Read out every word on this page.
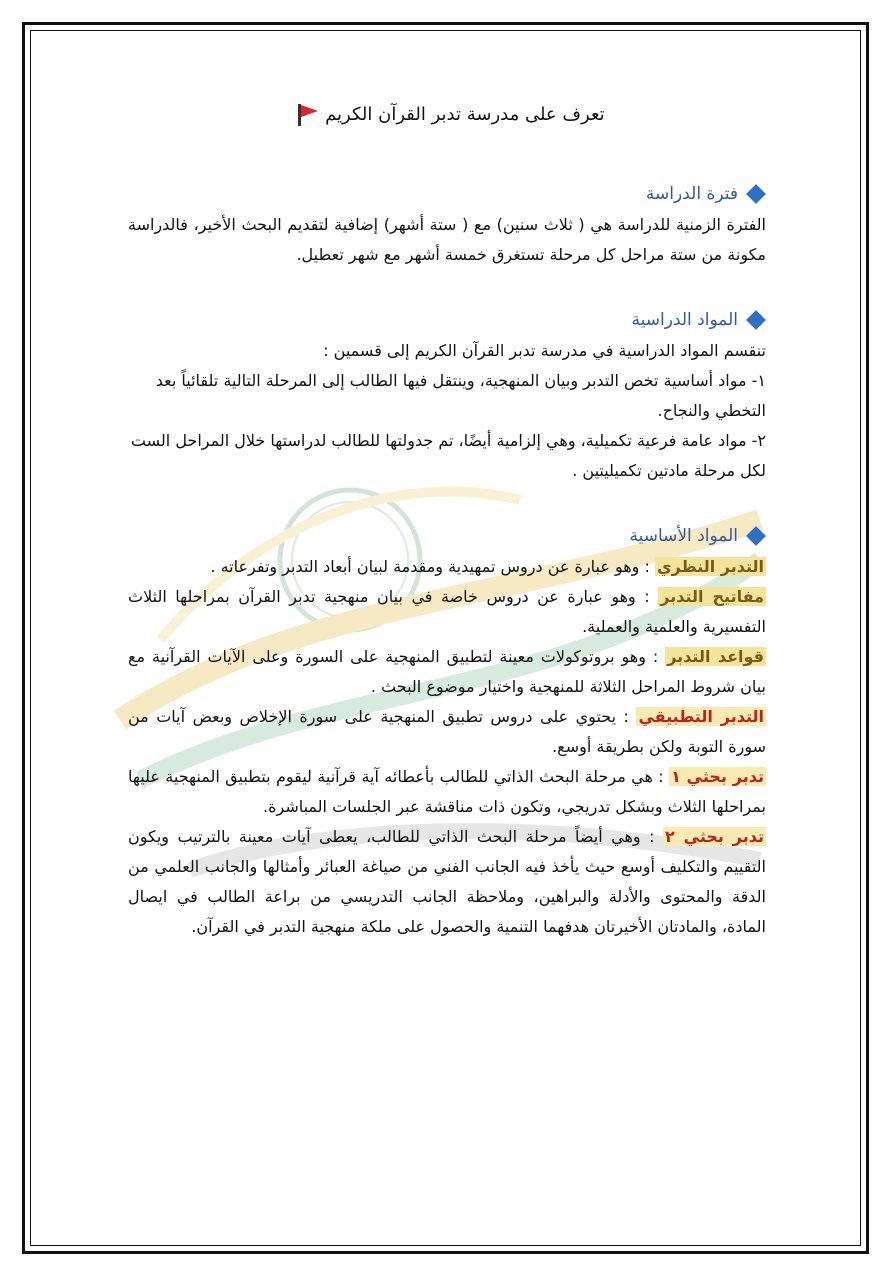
تعرف على مدرسة تدبر القرآن الكريم
فترة الدراسة

الفترة الزمنية للدراسة هي ( ثلاث سنين) مع ( ستة أشهر) إضافية لتقديم البحث الأخير، فالدراسة مكونة من ستة مراحل كل مرحلة تستغرق خمسة أشهر مع شهر تعطيل.

المواد الدراسية

تنقسم المواد الدراسية في مدرسة تدبر القرآن الكريم إلى قسمين :

١- مواد أساسية تخص التدبر وبيان المنهجية، وينتقل فيها الطالب إلى المرحلة التالية تلقائياً بعد التخطي والنجاح.

٢- مواد عامة فرعية تكميلية، وهي إلزامية أيضًا، تم جدولتها للطالب لدراستها خلال المراحل الست لكل مرحلة مادتين تكميليتين .

المواد الأساسية

التدبر النظري : وهو عبارة عن دروس تمهيدية ومقدمة لبيان أبعاد التدبر وتفرعاته .

مفاتيح التدبر : وهو عبارة عن دروس خاصة في بيان منهجية تدبر القرآن بمراحلها الثلاث التفسيرية والعلمية والعملية.

قواعد التدبر : وهو بروتوكولات معينة لتطبيق المنهجية على السورة وعلى الآيات القرآنية مع بيان شروط المراحل الثلاثة للمنهجية واختيار موضوع البحث .

التدبر التطبيقي : يحتوي على دروس تطبيق المنهجية على سورة الإخلاص وبعض آيات من سورة التوبة ولكن بطريقة أوسع.

تدبر بحثي ١ : هي مرحلة البحث الذاتي للطالب بأعطائه آية قرآنية ليقوم بتطبيق المنهجية عليها بمراحلها الثلاث وبشكل تدريجي، وتكون ذات مناقشة عبر الجلسات المباشرة.

تدبر بحثي ٢ : وهي أيضاً مرحلة البحث الذاتي للطالب، يعطى آيات معينة بالترتيب ويكون التقييم والتكليف أوسع حيث يأخذ فيه الجانب الفني من صياغة العبائر وأمثالها والجانب العلمي من الدقة والمحتوى والأدلة والبراهين، وملاحظة الجانب التدريسي من براعة الطالب في ايصال المادة، والمادتان الأخيرتان هدفهما التنمية والحصول على ملكة منهجية التدبر في القرآن.
